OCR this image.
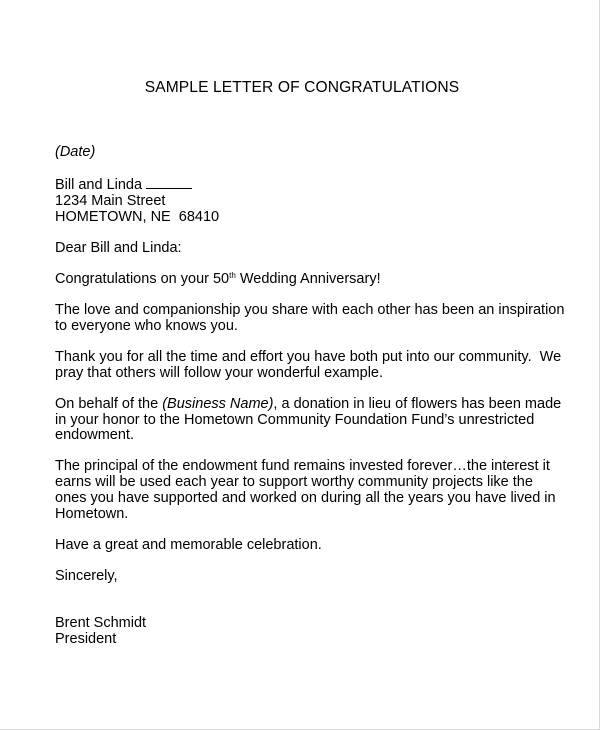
SAMPLE LETTER OF CONGRATULATIONS

(Date)

Bill and Linda

1234 Main Street

HOMETOWN, NE  68410

Dear Bill and Linda:

Congratulations on your 50th Wedding Anniversary!

The love and companionship you share with each other has been an inspiration to everyone who knows you.

Thank you for all the time and effort you have both put into our community.  We pray that others will follow your wonderful example.

On behalf of the (Business Name), a donation in lieu of flowers has been made in your honor to the Hometown Community Foundation Fund’s unrestricted endowment.

The principal of the endowment fund remains invested forever…the interest it earns will be used each year to support worthy community projects like the ones you have supported and worked on during all the years you have lived in Hometown.

Have a great and memorable celebration.

Sincerely,

Brent Schmidt

President
